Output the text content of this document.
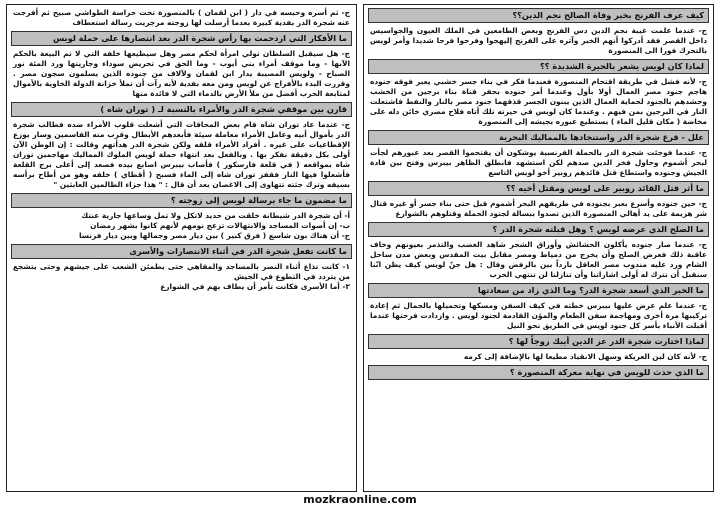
كيف عرف الفرنج بخبر وفاة الصالح نجم الدين؟؟
ج- عندما علمت غيبة نجم الدين دس الفرنج وبعض الطامعين في الملك العيون والجواسيس داخل القصر فقد أدركوا أنهم الخبر وآثره على الفرنج إليهجوا وفرحوا فرحا شديدا وأمر لويس بالتحرك فورا الى المنصورة
لماذا كان لويس يشعر بالحيرة الشديدة ؟؟
ج- لأنه فشل في طريقة اقتحام المنصورة فعندما فكر في بناء جسر خشبي يعبر فوقه جنوده هاجم جنود مصر العمال أولا بأول وعندما أمر جنوده بحفر قناة بناء برجين من الخشب وحشدهم بالجنود لحماية العمال الذين يبنون الجسر قذفهما جنود مصر بالنار والنفط فاشتعلت النار في البرجين بمن فيهم . وعندما كان لويس في حيرته تلك أتاه فلاح مصري خائن دله على مخاضة ( مكان قليل الماء ) يستطيع عبوره بجيشه إلى المنصورة
علل - قرع شجرة الدر واستنجادها بالمماليك البحرية
ج- عندما فوجئت شجرة الدر بالحملة الفرنسية يوشكون أن يقتحموا القصر بعد عبورهم لجأت لبحر أشموم وحاول فخر الدين صدهم لكن استشهد فانطلق الظاهر بيبرس وفتح بين قادة الجيش وجنوده واستطاع قتل قائدهم روبير أخو لويس التاسع
ما أثر قتل القائد روبير على لويس ومقتل أخيه ؟؟
ج- حين جنوده وأسرع بعبر بجنوده في طريقهم البحر أشموم قبل حتى بناء جسر أو غيره قتال شر هزيمة على يد أهالي المنصورة الذين تصدوا ببسالة لجنود الحملة وقتلوهم بالشوارع
ما الصلح الذي عرضه لويس ؟ وهل قبلته شجرة الدر ؟
ج- عندما صار جنوده يأكلون الحشائش وأوراق الشجر شاهد الغضب والتذمر بعيونهم وخاف عاقبة ذلك فعرض الصلح وأن يخرج من دمياط ومصر مقابل بيت المقدس وبعض مدن ساحل الشام ورد عليه مندوب مصر العاقل بارداً بين بالرفض وقال : هل جنّ لويس كيف يظن انّنا سنقبل أن نترك له أولى اشاراتنا وأن تنازلنا لن تنتهي الحرب
ما الخبر الذي أسعد شجرة الدر؟ وما الذي زاد من سعادتها
ج- عندما علم عرض عليها بيبرس خطته في كيف السفن ومسكها وتحميلها بالجمال ثم إعادة تركيبها مرة أخرى ومهاجمة سفن الطعام والمؤن القادمة لجنود لويس . وازدادت فرحتها عندما أقبلت الأنباء بأسر كل جنود لويس في الطريق نحو النيل
لماذا اختارت شجرة الدر عز الدين أيبك زوجاً لها ؟
ج- لأنه كان لين العريكة وسهل الانقياد مطيعا لها بالإضافة إلى كرمه
ما الذي حدث للويس في نهاية معركة المنصورة ؟
ج- ثم أسره وحبسه في دار ( ابن لقمان ) بالمنصورة تحت حراسة الطواشي صبيح ثم أفرجت عنه شجرة الدر بفدية كبيرة بعدما أرسلت لها زوجته مرجريت رسالة استعطاف
ما الأفكار التي ازدحمت بها رأس شجرة الدر بعد انتصارها على حملة لويس
ج- هل سيقبل السلطان تولي امرأة لحكم مصر وهل سيطيعها خلفه التي لا تم البيعة بالحكم الآبها - وما موقف أمراء بني أيوب - وما الحق في تحريض سوداء وجاريتها ورد المئة نور الصباح - ولويس المصيبة يدار ابن لقمان ولآلاف من جنوده الذين يسلمون سجون مصر . وقررت البدء بالأفراج عن لويس ومن معه بفدية لأنه رآت أن تملأ خزانة الدولة الخاوية بالأموال لمتابعة الحرب أفضل من ملأ الأرض بالدماء التي لا فائدة منها
قارن بين موقفي شجرة الدر والأمراء بالنسبة لـ ( توران شاه )
ج- عندما عاد توران شاه قام بعض المحاقات التي أشعلت قلوب الأمراء ضده فطالب شجرة الدر بأموال أبيه وعامل الأمراء معاملة سيئة فأبعدهم الأبطال وقرب منه القاسمين وسار يوزع الإقطاعيات على غيره . أفراد الأمراء قلقه ولكن شجرة الدر هدأتهم وقالت : إن الوطن الآن أولى بكل دقيقة نفكر بها . وبالفعل بعد انتهاء حملة لويس الملوك المماليك مهاجمين توران شاه بمواقعه ( في قلعة فارسكور ) فأصاب بيبرس اصابع بيده فصعد إلى أعلى برج القلعة فأشعلوا فيها النار فقفز توران شاه إلى الماء فسبح ( أقطاي ) خلفه وهو من أطاح برأسه بسيفه وترك جثته تتهاوى إلى الاغصان بعد أن قال : " هذا جزاء الظالمين العابثين "
ما مضمون ما جاء برسالة لويس إلى زوجته ؟
أ- أن شجرة الدر شيطانة خلقت من حديد لاتكل ولا تمل وساعها جارية عنتك
ب- إن أصوات المساجد والابتهالات تزعج نومهم لأنهم كانوا بشهر رمضان
ج- أن هناك بون شاسع ( فرق كبير ) بين ديار مصر وجمالها وبين ديار فرنسا
ما كانت تفعل شجرة الدر في أثناء الانتصارات والأسرى
١- كانت تذاع أثناء النصر بالمساجد والمقاهي حتى يطمئن الشعب على جيشهم وحتى يتشجع من يتردد في التطوع في الجيش
٢- أما الأسرى فكانت تأمر أن يطاف بهم في الشوارع
mozkraonline.com
